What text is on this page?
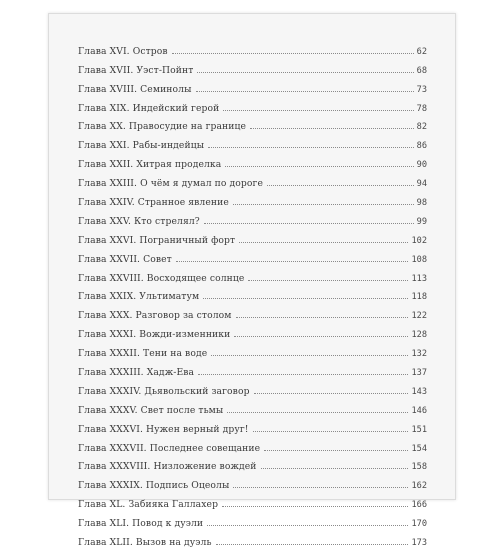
Глава XVI. Остров	62
Глава XVII. Уэст-Пойнт	68
Глава XVIII. Семинолы	73
Глава XIX. Индейский герой	78
Глава XX. Правосудие на границе	82
Глава XXI. Рабы-индейцы	86
Глава XXII. Хитрая проделка	90
Глава XXIII. О чём я думал по дороге	94
Глава XXIV. Странное явление	98
Глава XXV. Кто стрелял?	99
Глава XXVI. Пограничный форт	102
Глава XXVII. Совет	108
Глава XXVIII. Восходящее солнце	113
Глава XXIX. Ультиматум	118
Глава XXX. Разговор за столом	122
Глава XXXI. Вожди-изменники	128
Глава XXXII. Тени на воде	132
Глава XXXIII. Хадж-Ева	137
Глава XXXIV. Дьявольский заговор	143
Глава XXXV. Свет после тьмы	146
Глава XXXVI. Нужен верный друг!	151
Глава XXXVII. Последнее совещание	154
Глава XXXVIII. Низложение вождей	158
Глава XXXIX. Подпись Оцеолы	162
Глава XL. Забияка Галлахер	166
Глава XLI. Повод к дуэли	170
Глава XLII. Вызов на дуэль	173
